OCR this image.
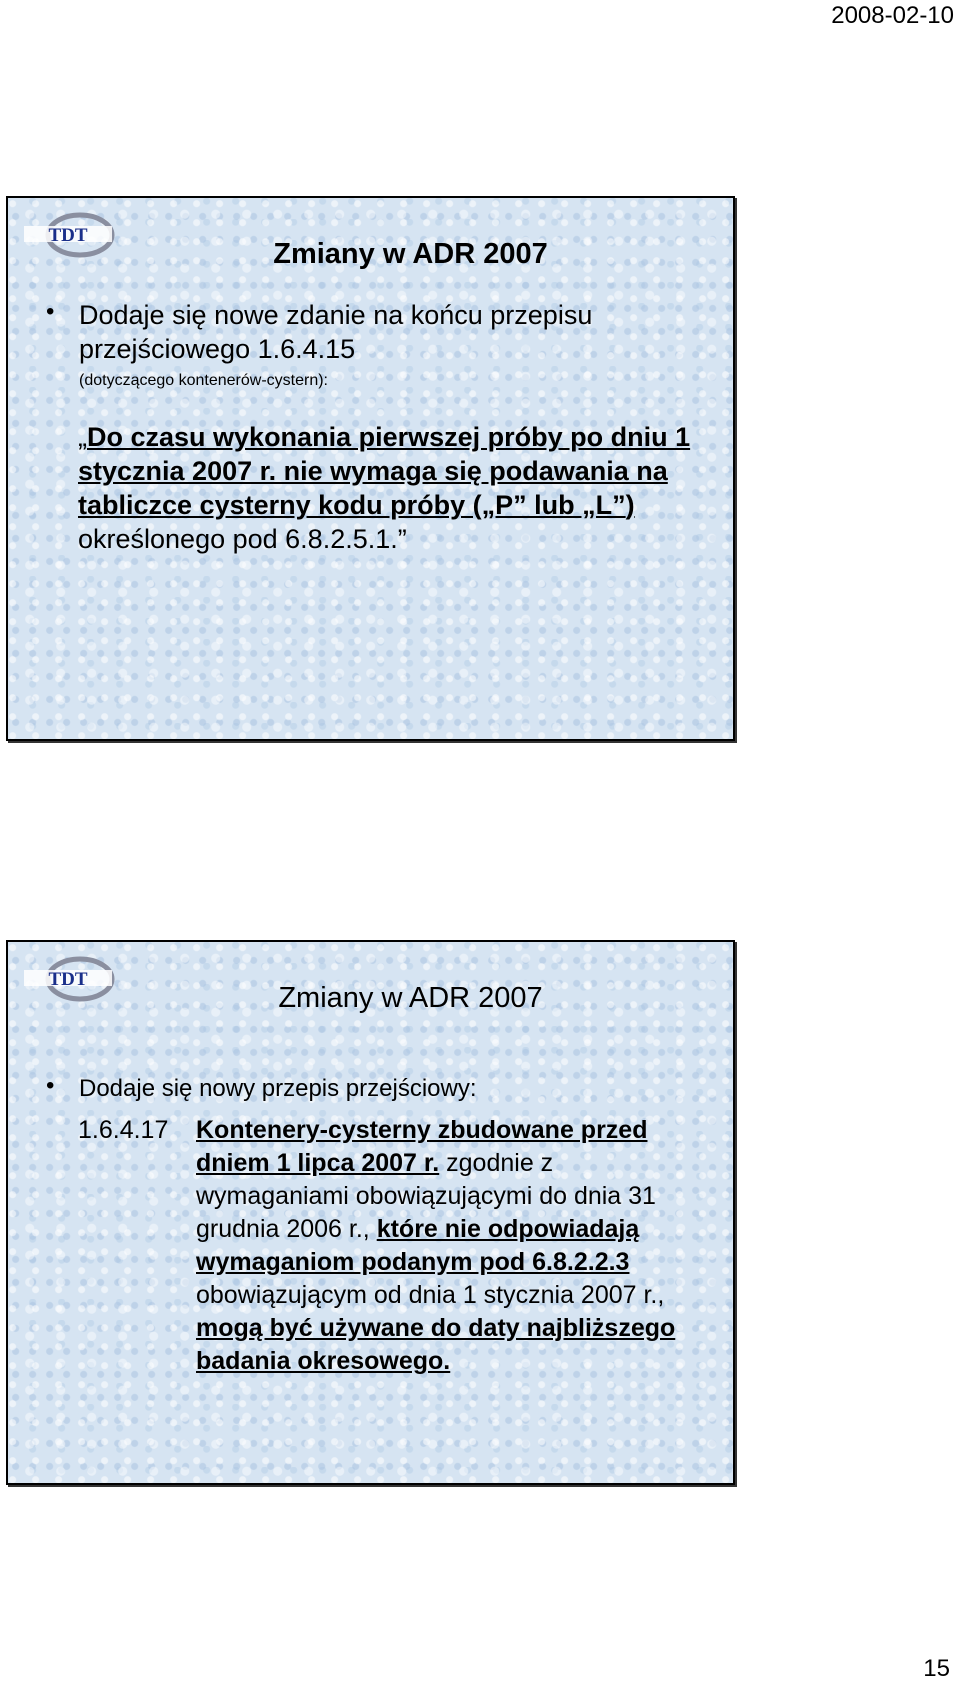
2008-02-10
TDT
Zmiany w ADR 2007
• Dodaje się nowe zdanie na końcu przepisu przejściowego 1.6.4.15
(dotyczącego kontenerów-cystern):
„Do czasu wykonania pierwszej próby po dniu 1 stycznia 2007 r. nie wymaga się podawania na tabliczce cysterny kodu próby („P” lub „L”) określonego pod 6.8.2.5.1.”
TDT
Zmiany w ADR 2007
• Dodaje się nowy przepis przejściowy:
1.6.4.17 Kontenery-cysterny zbudowane przed dniem 1 lipca 2007 r. zgodnie z wymaganiami obowiązującymi do dnia 31 grudnia 2006 r., które nie odpowiadają wymaganiom podanym pod 6.8.2.2.3 obowiązującym od dnia 1 stycznia 2007 r., mogą być używane do daty najbliższego badania okresowego.
15
